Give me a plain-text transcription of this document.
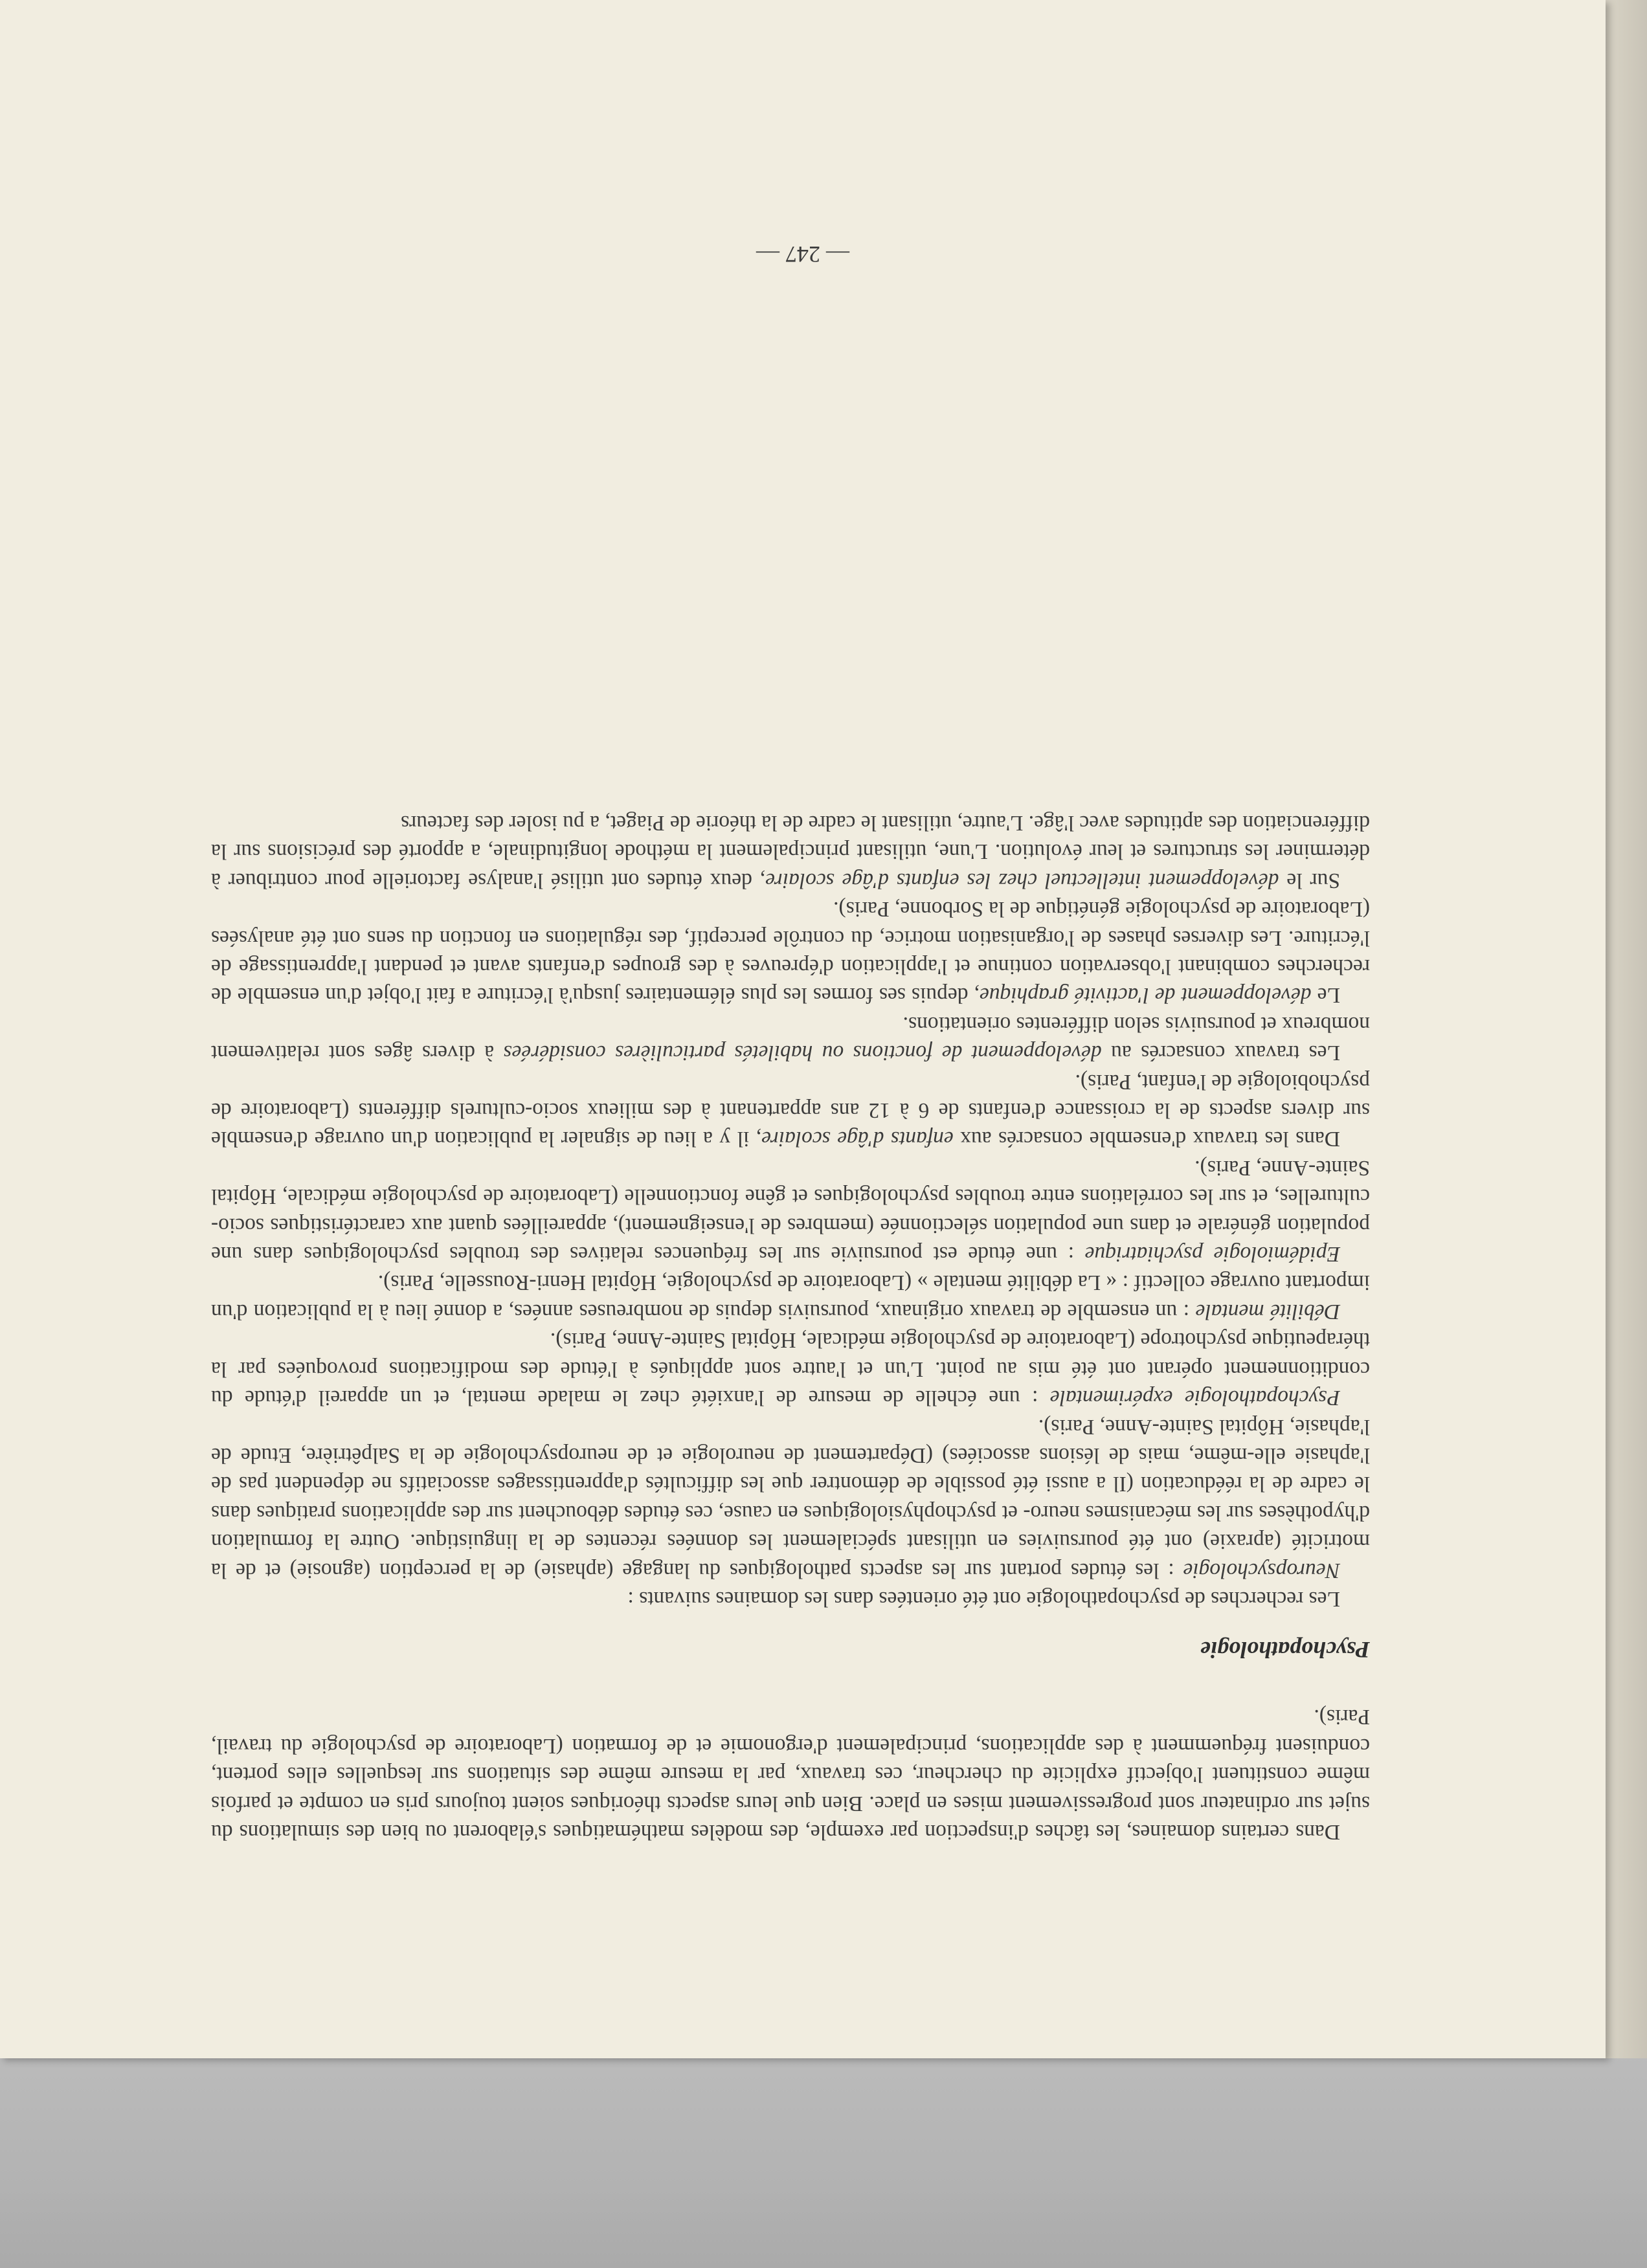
Dans certains domaines, les tâches d'inspection par exemple, des modèles mathématiques s'élaborent ou bien des simulations du sujet sur ordinateur sont progressivement mises en place. Bien que leurs aspects théoriques soient toujours pris en compte et parfois même constituent l'objectif explicite du chercheur, ces travaux, par la mesure même des situations sur lesquelles elles portent, conduisent fréquemment à des applications, principalement d'ergonomie et de formation (Laboratoire de psychologie du travail, Paris).

Psychopathologie

Les recherches de psychopathologie ont été orientées dans les domaines suivants :

Neuropsychologie : les études portant sur les aspects pathologiques du langage (aphasie) de la perception (agnosie) et de la motricité (apraxie) ont été poursuivies en utilisant spécialement les données récentes de la linguistique. Outre la formulation d'hypothèses sur les mécanismes neuro- et psychophysiologiques en cause, ces études débouchent sur des applications pratiques dans le cadre de la rééducation (Il a aussi été possible de démontrer que les difficultés d'apprentissages associatifs ne dépendent pas de l'aphasie elle-même, mais de lésions associées) (Département de neurologie et de neuropsychologie de la Salpêtrière, Etude de l'aphasie, Hôpital Sainte-Anne, Paris).

Psychopathologie expérimentale : une échelle de mesure de l'anxiété chez le malade mental, et un appareil d'étude du conditionnement opérant ont été mis au point. L'un et l'autre sont appliqués à l'étude des modifications provoquées par la thérapeutique psychotrope (Laboratoire de psychologie médicale, Hôpital Sainte-Anne, Paris).

Débilité mentale : un ensemble de travaux originaux, poursuivis depuis de nombreuses années, a donné lieu à la publication d'un important ouvrage collectif : « La débilité mentale » (Laboratoire de psychologie, Hôpital Henri-Rousselle, Paris).

Epidémiologie psychiatrique : une étude est poursuivie sur les fréquences relatives des troubles psychologiques dans une population générale et dans une population sélectionnée (membres de l'enseignement), appareillées quant aux caractéristiques socio-culturelles, et sur les corrélations entre troubles psychologiques et gêne fonctionnelle (Laboratoire de psychologie médicale, Hôpital Sainte-Anne, Paris).

Dans les travaux d'ensemble consacrés aux enfants d'âge scolaire, il y a lieu de signaler la publication d'un ouvrage d'ensemble sur divers aspects de la croissance d'enfants de 6 à 12 ans appartenant à des milieux socio-culturels différents (Laboratoire de psychobiologie de l'enfant, Paris).

Les travaux consacrés au développement de fonctions ou habiletés particulières considérées à divers âges sont relativement nombreux et poursuivis selon différentes orientations.

Le développement de l'activité graphique, depuis ses formes les plus élémentaires jusqu'à l'écriture a fait l'objet d'un ensemble de recherches combinant l'observation continue et l'application d'épreuves à des groupes d'enfants avant et pendant l'apprentissage de l'écriture. Les diverses phases de l'organisation motrice, du contrôle perceptif, des régulations en fonction du sens ont été analysées (Laboratoire de psychologie génétique de la Sorbonne, Paris).

Sur le développement intellectuel chez les enfants d'âge scolaire, deux études ont utilisé l'analyse factorielle pour contribuer à déterminer les structures et leur évolution. L'une, utilisant principalement la méthode longitudinale, a apporté des précisions sur la différenciation des aptitudes avec l'âge. L'autre, utilisant le cadre de la théorie de Piaget, a pu isoler des facteurs

— 247 —
